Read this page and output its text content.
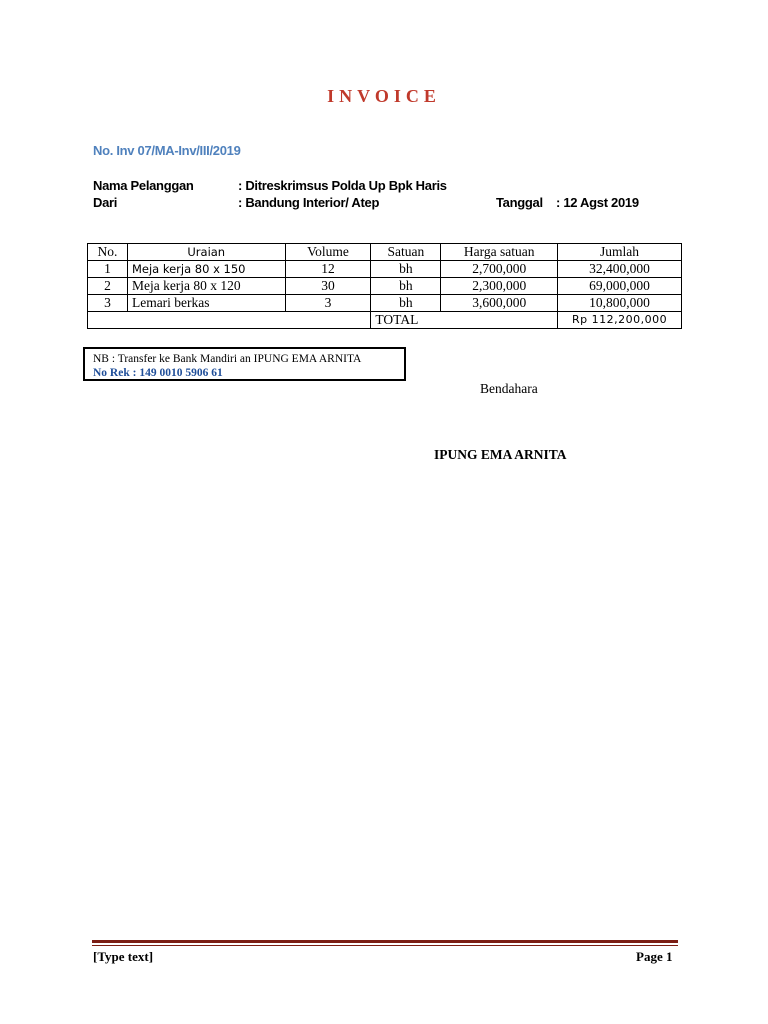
INVOICE
No. Inv 07/MA-Inv/III/2019
Nama Pelanggan	: Ditreskrimsus Polda Up Bpk Haris
Dari	: Bandung Interior/ Atep	Tanggal : 12 Agst 2019
No.	Uraian	Volume	Satuan	Harga satuan	Jumlah
1	Meja kerja 80 x 150	12	bh	2,700,000	32,400,000
2	Meja kerja 80 x 120	30	bh	2,300,000	69,000,000
3	Lemari berkas	3	bh	3,600,000	10,800,000
			TOTAL		Rp 112,200,000
NB : Transfer ke Bank Mandiri an IPUNG EMA ARNITA
No Rek : 149 0010 5906 61
Bendahara
IPUNG EMA ARNITA
[Type text]	Page 1
